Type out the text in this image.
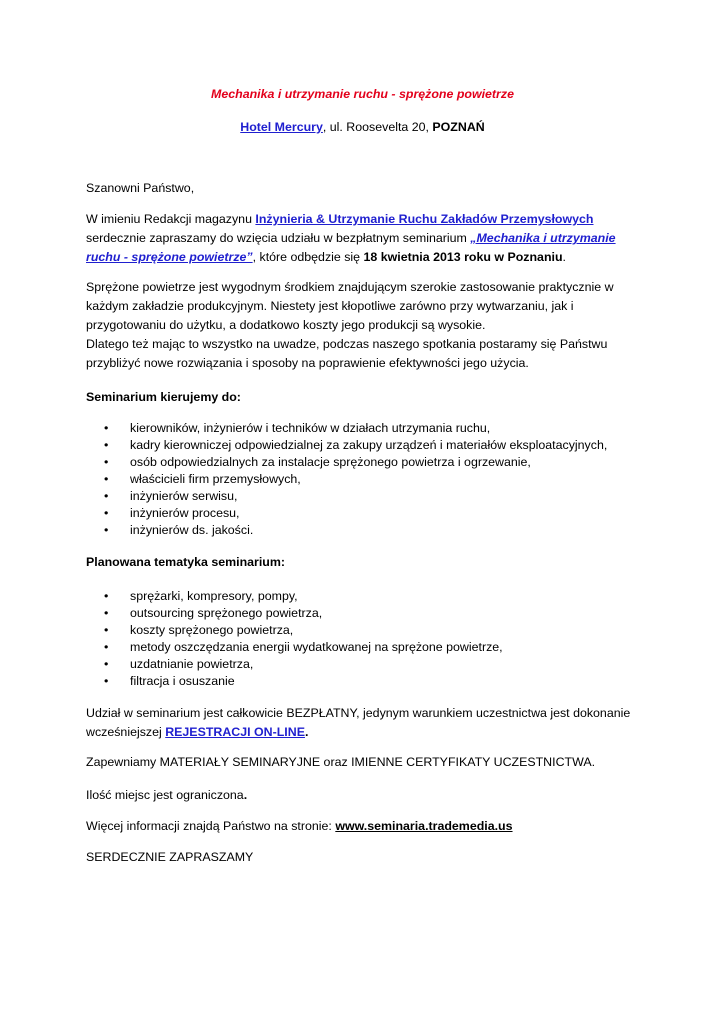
Mechanika i utrzymanie ruchu - sprężone powietrze
Hotel Mercury, ul. Roosevelta 20, POZNAŃ
Szanowni Państwo,
W imieniu Redakcji magazynu Inżynieria & Utrzymanie Ruchu Zakładów Przemysłowych serdecznie zapraszamy do wzięcia udziału w bezpłatnym seminarium „Mechanika i utrzymanie ruchu - sprężone powietrze”, które odbędzie się 18 kwietnia 2013 roku w Poznaniu.
Sprężone powietrze jest wygodnym środkiem znajdującym szerokie zastosowanie praktycznie w każdym zakładzie produkcyjnym. Niestety jest kłopotliwe zarówno przy wytwarzaniu, jak i przygotowaniu do użytku, a dodatkowo koszty jego produkcji są wysokie.
Dlatego też mając to wszystko na uwadze, podczas naszego spotkania postaramy się Państwu przybliżyć nowe rozwiązania i sposoby na poprawienie efektywności jego użycia.
Seminarium kierujemy do:
• kierowników, inżynierów i techników w działach utrzymania ruchu,
• kadry kierowniczej odpowiedzialnej za zakupy urządzeń i materiałów eksploatacyjnych,
• osób odpowiedzialnych za instalacje sprężonego powietrza i ogrzewanie,
• właścicieli firm przemysłowych,
• inżynierów serwisu,
• inżynierów procesu,
• inżynierów ds. jakości.
Planowana tematyka seminarium:
• sprężarki, kompresory, pompy,
• outsourcing sprężonego powietrza,
• koszty sprężonego powietrza,
• metody oszczędzania energii wydatkowanej na sprężone powietrze,
• uzdatnianie powietrza,
• filtracja i osuszanie
Udział w seminarium jest całkowicie BEZPŁATNY, jedynym warunkiem uczestnictwa jest dokonanie wcześniejszej REJESTRACJI ON-LINE.
Zapewniamy MATERIAŁY SEMINARYJNE oraz IMIENNE CERTYFIKATY UCZESTNICTWA.
Ilość miejsc jest ograniczona.
Więcej informacji znajdą Państwo na stronie: www.seminaria.trademedia.us
SERDECZNIE ZAPRASZAMY
